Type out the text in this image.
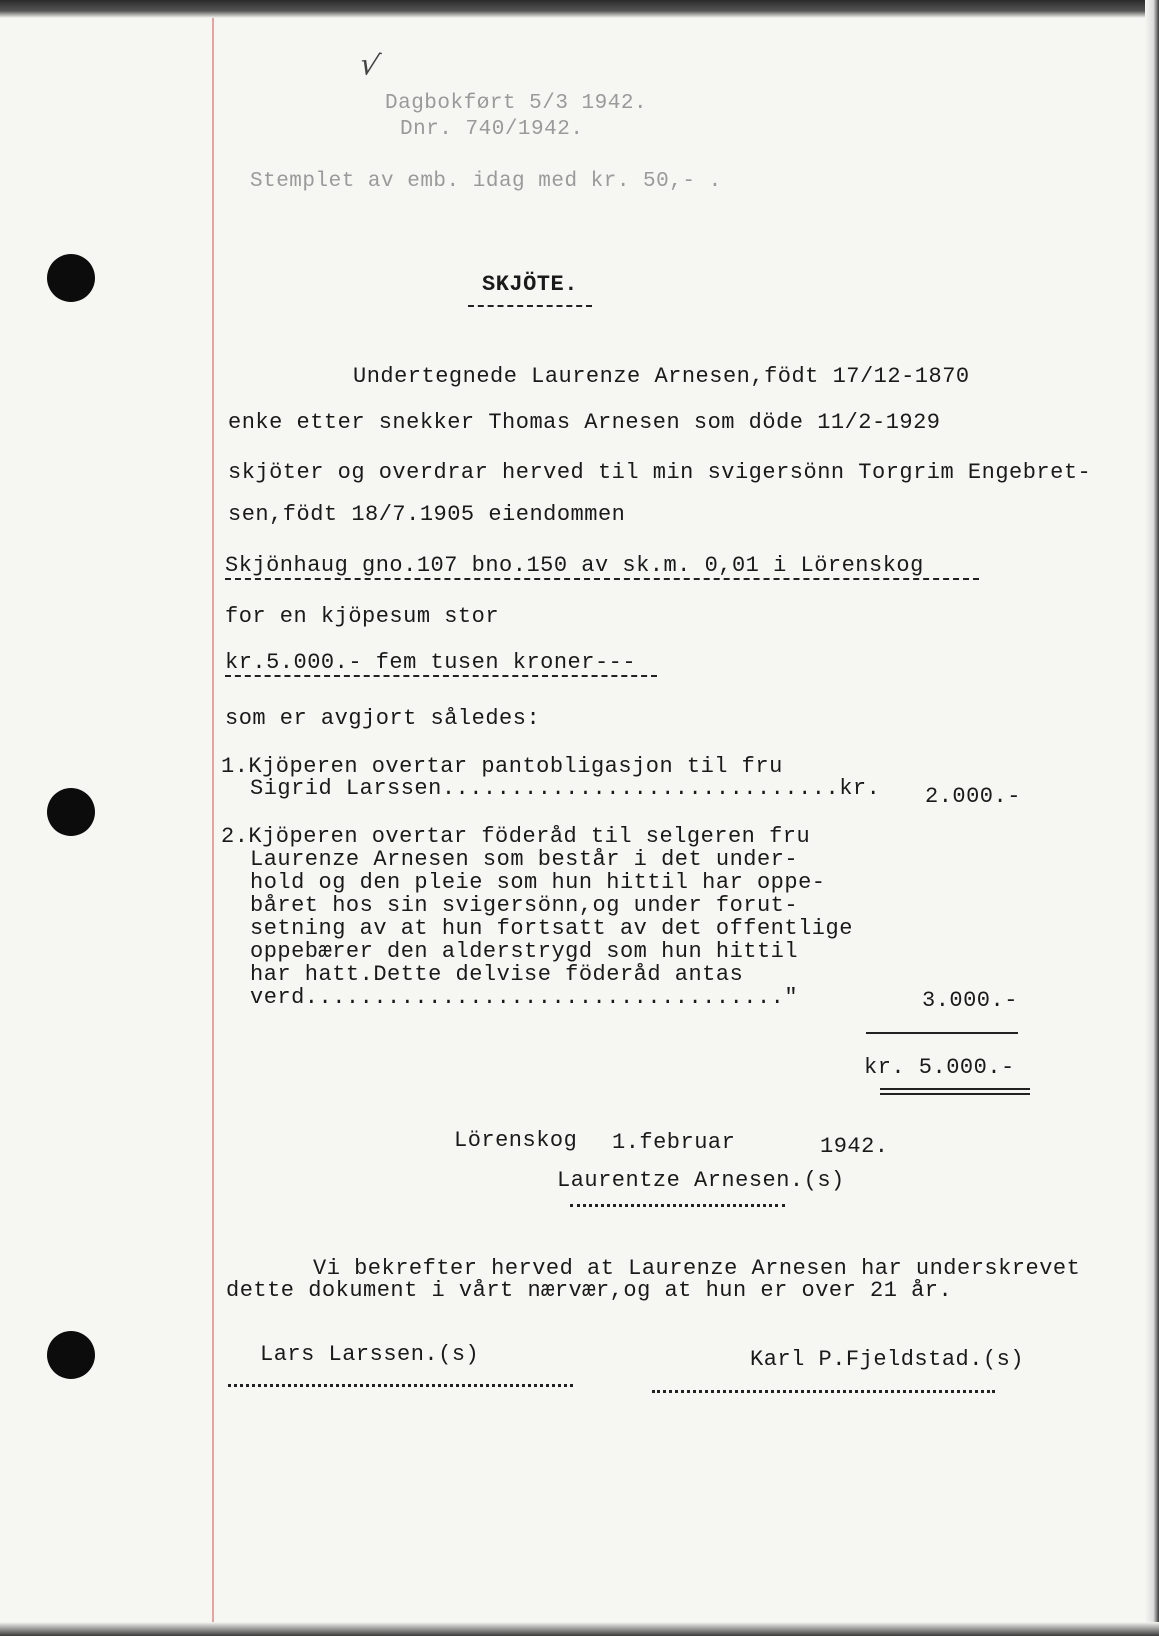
√
Dagbokført 5/3 1942.
Dnr. 740/1942.
Stemplet av emb. idag med kr. 50,- .
SKJÖTE.
Undertegnede Laurenze Arnesen,födt 17/12-1870
enke etter snekker Thomas Arnesen som döde 11/2-1929
skjöter og overdrar herved til min svigersönn Torgrim Engebret-
sen,födt 18/7.1905 eiendommen
Skjönhaug gno.107 bno.150 av sk.m. 0,01 i Lörenskog
for en kjöpesum stor
kr.5.000.- fem tusen kroner---
som er avgjort således:
1.Kjöperen overtar pantobligasjon til fru
Sigrid Larssen.............................kr. 2.000.-
2.Kjöperen overtar föderåd til selgeren fru
Laurenze Arnesen som består i det under-
hold og den pleie som hun hittil har oppe-
båret hos sin svigersönn,og under forut-
setning av at hun fortsatt av det offentlige
oppebærer den alderstrygd som hun hittil
har hatt.Dette delvise föderåd antas
verd..................................."	3.000.-
kr. 5.000.-
Lörenskog 1.februar	1942.
Laurentze Arnesen.(s)
Vi bekrefter herved at Laurenze Arnesen har underskrevet
dette dokument i vårt nærvær,og at hun er over 21 år.
Lars Larssen.(s)	Karl P.Fjeldstad.(s)
